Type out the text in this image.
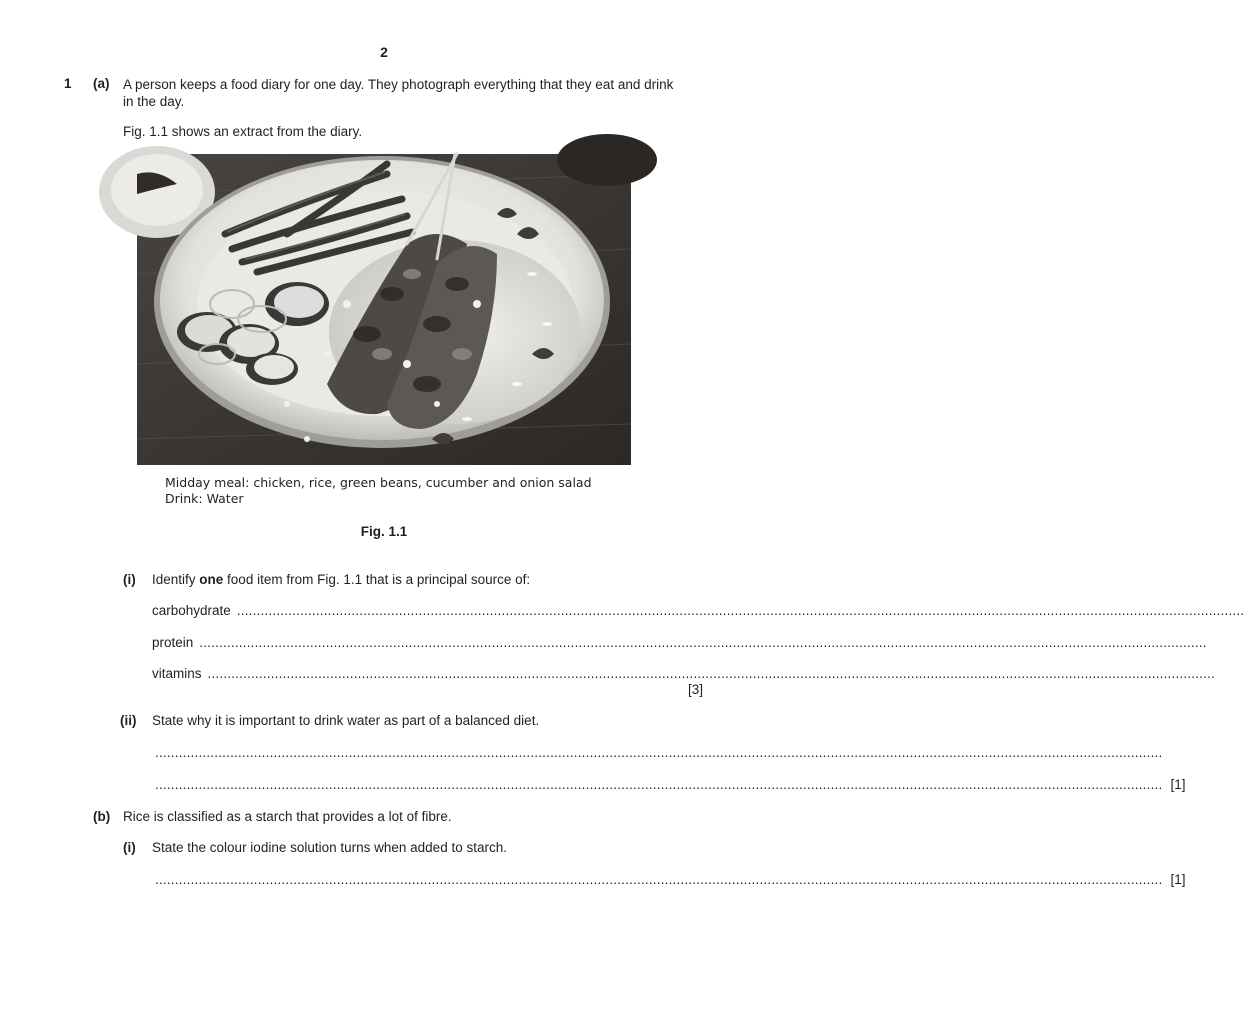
2
1 (a) A person keeps a food diary for one day. They photograph everything that they eat and drink
in the day.
Fig. 1.1 shows an extract from the diary.
Midday meal: chicken, rice, green beans, cucumber and onion salad
Drink: Water
Fig. 1.1
(i) Identify one food item from Fig. 1.1 that is a principal source of:
carbohydrate ...............................................................................................................................................................................................................................................................
protein ...............................................................................................................................................................................................................................................................
vitamins ...............................................................................................................................................................................................................................................................
[3]
(ii) State why it is important to drink water as part of a balanced diet.
...............................................................................................................................................................................................................................................................
............................................................................................................................................................................................................................................................... [1]
(b) Rice is classified as a starch that provides a lot of fibre.
(i) State the colour iodine solution turns when added to starch.
............................................................................................................................................................................................................................................................... [1]
